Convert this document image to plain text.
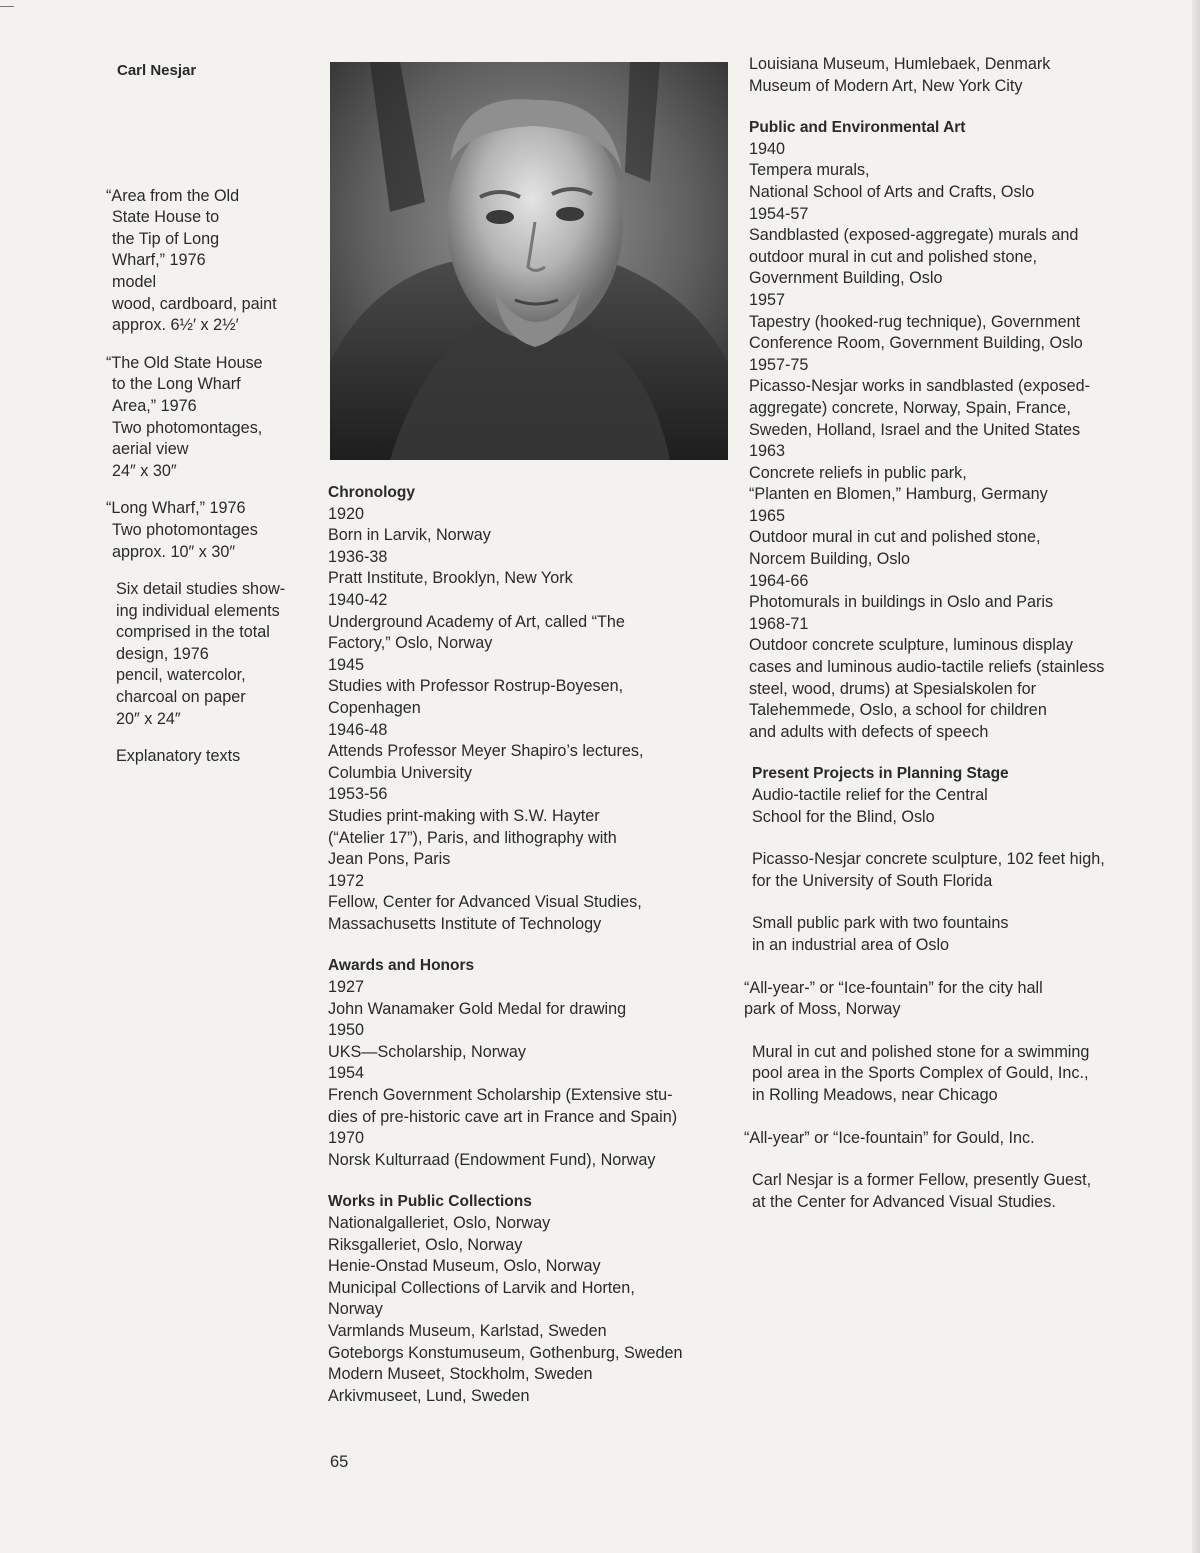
Carl Nesjar
“Area from the Old
State House to
the Tip of Long
Wharf,” 1976
model
wood, cardboard, paint
approx. 6½′ x 2½′
“The Old State House
to the Long Wharf
Area,” 1976
Two photomontages,
aerial view
24″ x 30″
“Long Wharf,” 1976
Two photomontages
approx. 10″ x 30″
Six detail studies show-
ing individual elements
comprised in the total
design, 1976
pencil, watercolor,
charcoal on paper
20″ x 24″
Explanatory texts
Chronology
1920
Born in Larvik, Norway
1936-38
Pratt Institute, Brooklyn, New York
1940-42
Underground Academy of Art, called “The
Factory,” Oslo, Norway
1945
Studies with Professor Rostrup-Boyesen,
Copenhagen
1946-48
Attends Professor Meyer Shapiro’s lectures,
Columbia University
1953-56
Studies print-making with S.W. Hayter
(“Atelier 17”), Paris, and lithography with
Jean Pons, Paris
1972
Fellow, Center for Advanced Visual Studies,
Massachusetts Institute of Technology
Awards and Honors
1927
John Wanamaker Gold Medal for drawing
1950
UKS—Scholarship, Norway
1954
French Government Scholarship (Extensive stu-
dies of pre-historic cave art in France and Spain)
1970
Norsk Kulturraad (Endowment Fund), Norway
Works in Public Collections
Nationalgalleriet, Oslo, Norway
Riksgalleriet, Oslo, Norway
Henie-Onstad Museum, Oslo, Norway
Municipal Collections of Larvik and Horten,
Norway
Varmlands Museum, Karlstad, Sweden
Goteborgs Konstumuseum, Gothenburg, Sweden
Modern Museet, Stockholm, Sweden
Arkivmuseet, Lund, Sweden
Louisiana Museum, Humlebaek, Denmark
Museum of Modern Art, New York City
Public and Environmental Art
1940
Tempera murals,
National School of Arts and Crafts, Oslo
1954-57
Sandblasted (exposed-aggregate) murals and
outdoor mural in cut and polished stone,
Government Building, Oslo
1957
Tapestry (hooked-rug technique), Government
Conference Room, Government Building, Oslo
1957-75
Picasso-Nesjar works in sandblasted (exposed-
aggregate) concrete, Norway, Spain, France,
Sweden, Holland, Israel and the United States
1963
Concrete reliefs in public park,
“Planten en Blomen,” Hamburg, Germany
1965
Outdoor mural in cut and polished stone,
Norcem Building, Oslo
1964-66
Photomurals in buildings in Oslo and Paris
1968-71
Outdoor concrete sculpture, luminous display
cases and luminous audio-tactile reliefs (stainless
steel, wood, drums) at Spesialskolen for
Talehemmede, Oslo, a school for children
and adults with defects of speech
Present Projects in Planning Stage
Audio-tactile relief for the Central
School for the Blind, Oslo
Picasso-Nesjar concrete sculpture, 102 feet high,
for the University of South Florida
Small public park with two fountains
in an industrial area of Oslo
“All-year-” or “Ice-fountain” for the city hall
park of Moss, Norway
Mural in cut and polished stone for a swimming
pool area in the Sports Complex of Gould, Inc.,
in Rolling Meadows, near Chicago
“All-year” or “Ice-fountain” for Gould, Inc.
Carl Nesjar is a former Fellow, presently Guest,
at the Center for Advanced Visual Studies.
65
